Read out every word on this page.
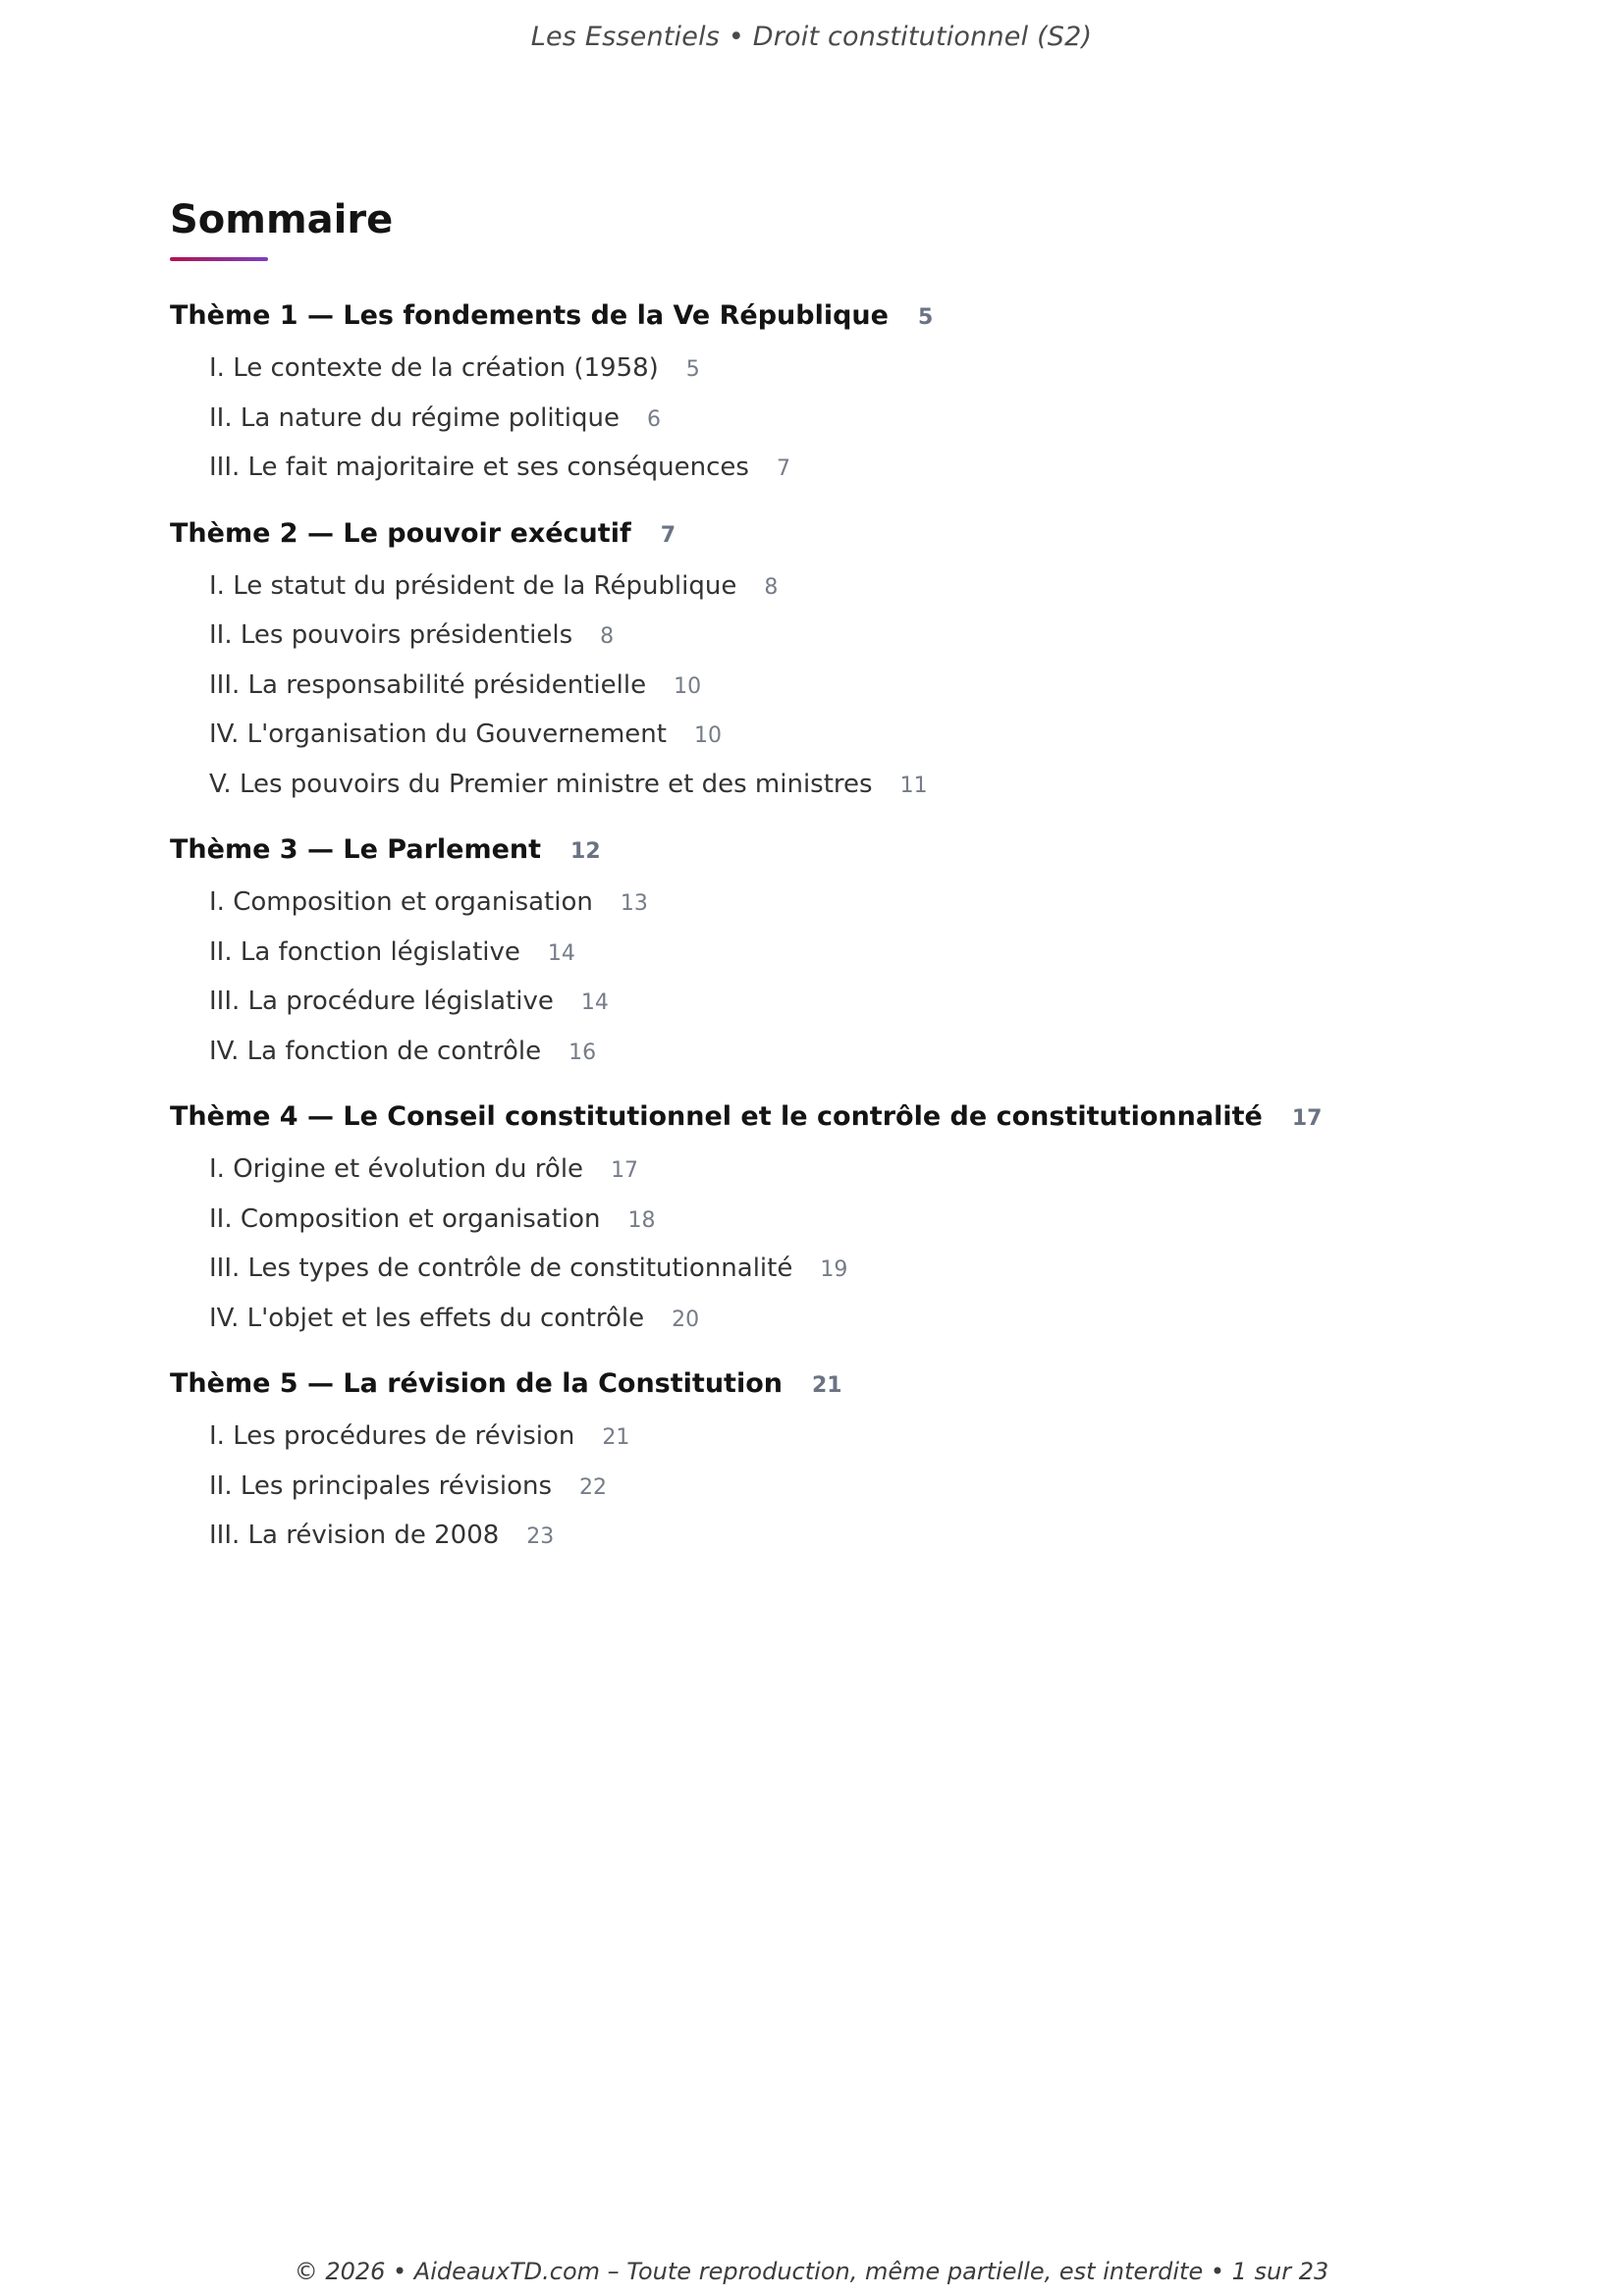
Les Essentiels • Droit constitutionnel (S2)
Sommaire
Thème 1 — Les fondements de la Ve République 5
I. Le contexte de la création (1958) 5
II. La nature du régime politique 6
III. Le fait majoritaire et ses conséquences 7
Thème 2 — Le pouvoir exécutif 7
I. Le statut du président de la République 8
II. Les pouvoirs présidentiels 8
III. La responsabilité présidentielle 10
IV. L'organisation du Gouvernement 10
V. Les pouvoirs du Premier ministre et des ministres 11
Thème 3 — Le Parlement 12
I. Composition et organisation 13
II. La fonction législative 14
III. La procédure législative 14
IV. La fonction de contrôle 16
Thème 4 — Le Conseil constitutionnel et le contrôle de constitutionnalité 17
I. Origine et évolution du rôle 17
II. Composition et organisation 18
III. Les types de contrôle de constitutionnalité 19
IV. L'objet et les effets du contrôle 20
Thème 5 — La révision de la Constitution 21
I. Les procédures de révision 21
II. Les principales révisions 22
III. La révision de 2008 23
© 2026 • AideauxTD.com – Toute reproduction, même partielle, est interdite • 1 sur 23
